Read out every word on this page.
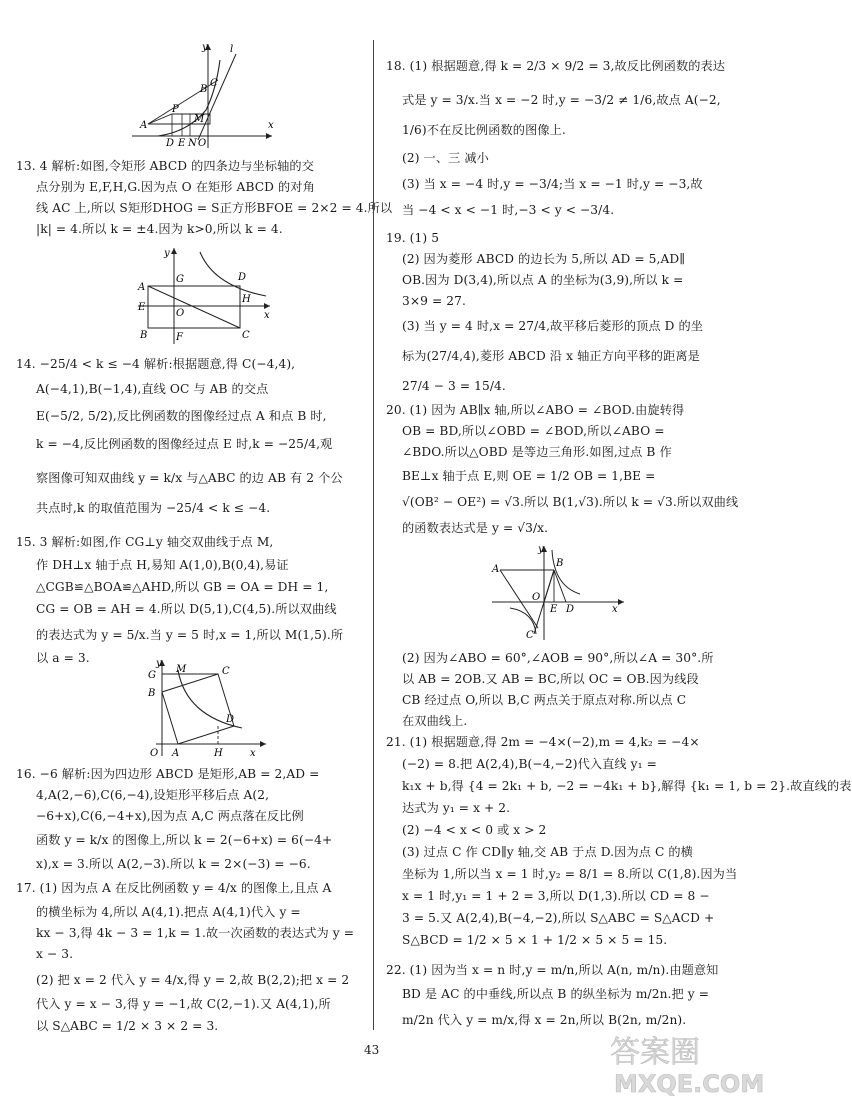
y l
B
C
P
M
A
D E N O
x
13. 4 解析:如图,令矩形 ABCD 的四条边与坐标轴的交
点分别为 E,F,H,G.因为点 O 在矩形 ABCD 的对角
线 AC 上,所以 S矩形DHOG = S正方形BFOE = 2×2 = 4.所以
|k| = 4.所以 k = ±4.因为 k>0,所以 k = 4.
y
G	D
A
E
O
H
x
B	F	C
14. −25/4 < k ≤ −4 解析:根据题意,得 C(−4,4),
A(−4,1),B(−1,4),直线 OC 与 AB 的交点
E(−5/2, 5/2),反比例函数的图像经过点 A 和点 B 时,
k = −4,反比例函数的图像经过点 E 时,k = −25/4,观
察图像可知双曲线 y = k/x 与△ABC 的边 AB 有 2 个公
共点时,k 的取值范围为 −25/4 < k ≤ −4.
15. 3 解析:如图,作 CG⊥y 轴交双曲线于点 M,
作 DH⊥x 轴于点 H,易知 A(1,0),B(0,4),易证
△CGB≌△BOA≌△AHD,所以 GB = OA = DH = 1,
CG = OB = AH = 4.所以 D(5,1),C(4,5).所以双曲线
的表达式为 y = 5/x.当 y = 5 时,x = 1,所以 M(1,5).所
以 a = 3.	y
G
M	C
B
D
O A	H	x
16. −6 解析:因为四边形 ABCD 是矩形,AB = 2,AD =
4,A(2,−6),C(6,−4),设矩形平移后点 A(2,
−6+x),C(6,−4+x),因为点 A,C 两点落在反比例
函数 y = k/x 的图像上,所以 k = 2(−6+x) = 6(−4+
x),x = 3.所以 A(2,−3).所以 k = 2×(−3) = −6.
17. (1) 因为点 A 在反比例函数 y = 4/x 的图像上,且点 A
的横坐标为 4,所以 A(4,1).把点 A(4,1)代入 y =
kx − 3,得 4k − 3 = 1,k = 1.故一次函数的表达式为 y =
x − 3.
(2) 把 x = 2 代入 y = 4/x,得 y = 2,故 B(2,2);把 x = 2
代入 y = x − 3,得 y = −1,故 C(2,−1).又 A(4,1),所
以 S△ABC = 1/2 × 3 × 2 = 3.
18. (1) 根据题意,得 k = 2/3 × 9/2 = 3,故反比例函数的表达
式是 y = 3/x.当 x = −2 时,y = −3/2 ≠ 1/6,故点 A(−2,
1/6)不在反比例函数的图像上.
(2) 一、三 减小
(3) 当 x = −4 时,y = −3/4;当 x = −1 时,y = −3,故
当 −4 < x < −1 时,−3 < y < −3/4.
19. (1) 5
(2) 因为菱形 ABCD 的边长为 5,所以 AD = 5,AD∥
OB.因为 D(3,4),所以点 A 的坐标为(3,9),所以 k =
3×9 = 27.
(3) 当 y = 4 时,x = 27/4,故平移后菱形的顶点 D 的坐
标为(27/4,4),菱形 ABCD 沿 x 轴正方向平移的距离是
27/4 − 3 = 15/4.
20. (1) 因为 AB∥x 轴,所以∠ABO = ∠BOD.由旋转得
OB = BD,所以∠OBD = ∠BOD,所以∠ABO =
∠BDO.所以△OBD 是等边三角形.如图,过点 B 作
BE⊥x 轴于点 E,则 OE = 1/2 OB = 1,BE =
√(OB² − OE²) = √3.所以 B(1,√3).所以 k = √3.所以双曲线
的函数表达式是 y = √3/x.
y
A
B
O
E D	x
C
(2) 因为∠ABO = 60°,∠AOB = 90°,所以∠A = 30°.所
以 AB = 2OB.又 AB = BC,所以 OC = OB.因为线段
CB 经过点 O,所以 B,C 两点关于原点对称.所以点 C
在双曲线上.
21. (1) 根据题意,得 2m = −4×(−2),m = 4,k₂ = −4×
(−2) = 8.把 A(2,4),B(−4,−2)代入直线 y₁ =
k₁x + b,得 {4 = 2k₁ + b, −2 = −4k₁ + b},解得 {k₁ = 1, b = 2}.故直线的表
达式为 y₁ = x + 2.
(2) −4 < x < 0 或 x > 2
(3) 过点 C 作 CD∥y 轴,交 AB 于点 D.因为点 C 的横
坐标为 1,所以当 x = 1 时,y₂ = 8/1 = 8.所以 C(1,8).因为当
x = 1 时,y₁ = 1 + 2 = 3,所以 D(1,3).所以 CD = 8 −
3 = 5.又 A(2,4),B(−4,−2),所以 S△ABC = S△ACD +
S△BCD = 1/2 × 5 × 1 + 1/2 × 5 × 5 = 15.
22. (1) 因为当 x = n 时,y = m/n,所以 A(n, m/n).由题意知
BD 是 AC 的中垂线,所以点 B 的纵坐标为 m/2n.把 y =
m/2n 代入 y = m/x,得 x = 2n,所以 B(2n, m/2n).
43	答案圈
MXQE.COM
